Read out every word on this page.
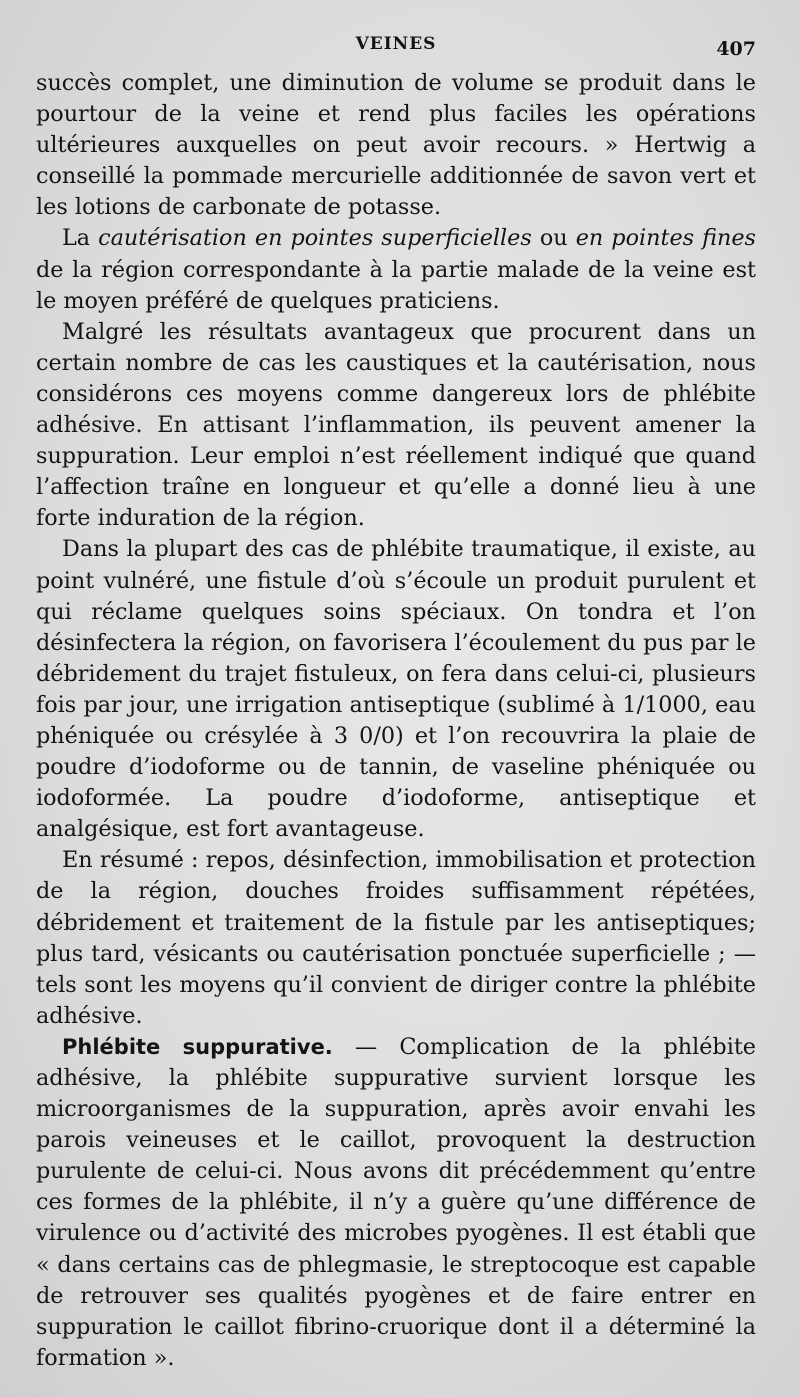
VEINES	407

succès complet, une diminution de volume se produit dans le pourtour de la veine et rend plus faciles les opérations ultérieures auxquelles on peut avoir recours. » Hertwig a conseillé la pommade mercurielle additionnée de savon vert et les lotions de carbonate de potasse.

La cautérisation en pointes superficielles ou en pointes fines de la région correspondante à la partie malade de la veine est le moyen préféré de quelques praticiens.

Malgré les résultats avantageux que procurent dans un certain nombre de cas les caustiques et la cautérisation, nous considérons ces moyens comme dangereux lors de phlébite adhésive. En attisant l’inflammation, ils peuvent amener la suppuration. Leur emploi n’est réellement indiqué que quand l’affection traîne en longueur et qu’elle a donné lieu à une forte induration de la région.

Dans la plupart des cas de phlébite traumatique, il existe, au point vulnéré, une fistule d’où s’écoule un produit purulent et qui réclame quelques soins spéciaux. On tondra et l’on désinfectera la région, on favorisera l’écoulement du pus par le débridement du trajet fistuleux, on fera dans celui-ci, plusieurs fois par jour, une irrigation antiseptique (sublimé à 1/1000, eau phéniquée ou crésylée à 3 0/0) et l’on recouvrira la plaie de poudre d’iodoforme ou de tannin, de vaseline phéniquée ou iodoformée. La poudre d’iodoforme, antiseptique et analgésique, est fort avantageuse.

En résumé : repos, désinfection, immobilisation et protection de la région, douches froides suffisamment répétées, débridement et traitement de la fistule par les antiseptiques; plus tard, vésicants ou cautérisation ponctuée superficielle ; — tels sont les moyens qu’il convient de diriger contre la phlébite adhésive.

Phlébite suppurative. — Complication de la phlébite adhésive, la phlébite suppurative survient lorsque les microorganismes de la suppuration, après avoir envahi les parois veineuses et le caillot, provoquent la destruction purulente de celui-ci. Nous avons dit précédemment qu’entre ces formes de la phlébite, il n’y a guère qu’une différence de virulence ou d’activité des microbes pyogènes. Il est établi que « dans certains cas de phlegmasie, le streptocoque est capable de retrouver ses qualités pyogènes et de faire entrer en suppuration le caillot fibrino-cruorique dont il a déterminé la formation ».
